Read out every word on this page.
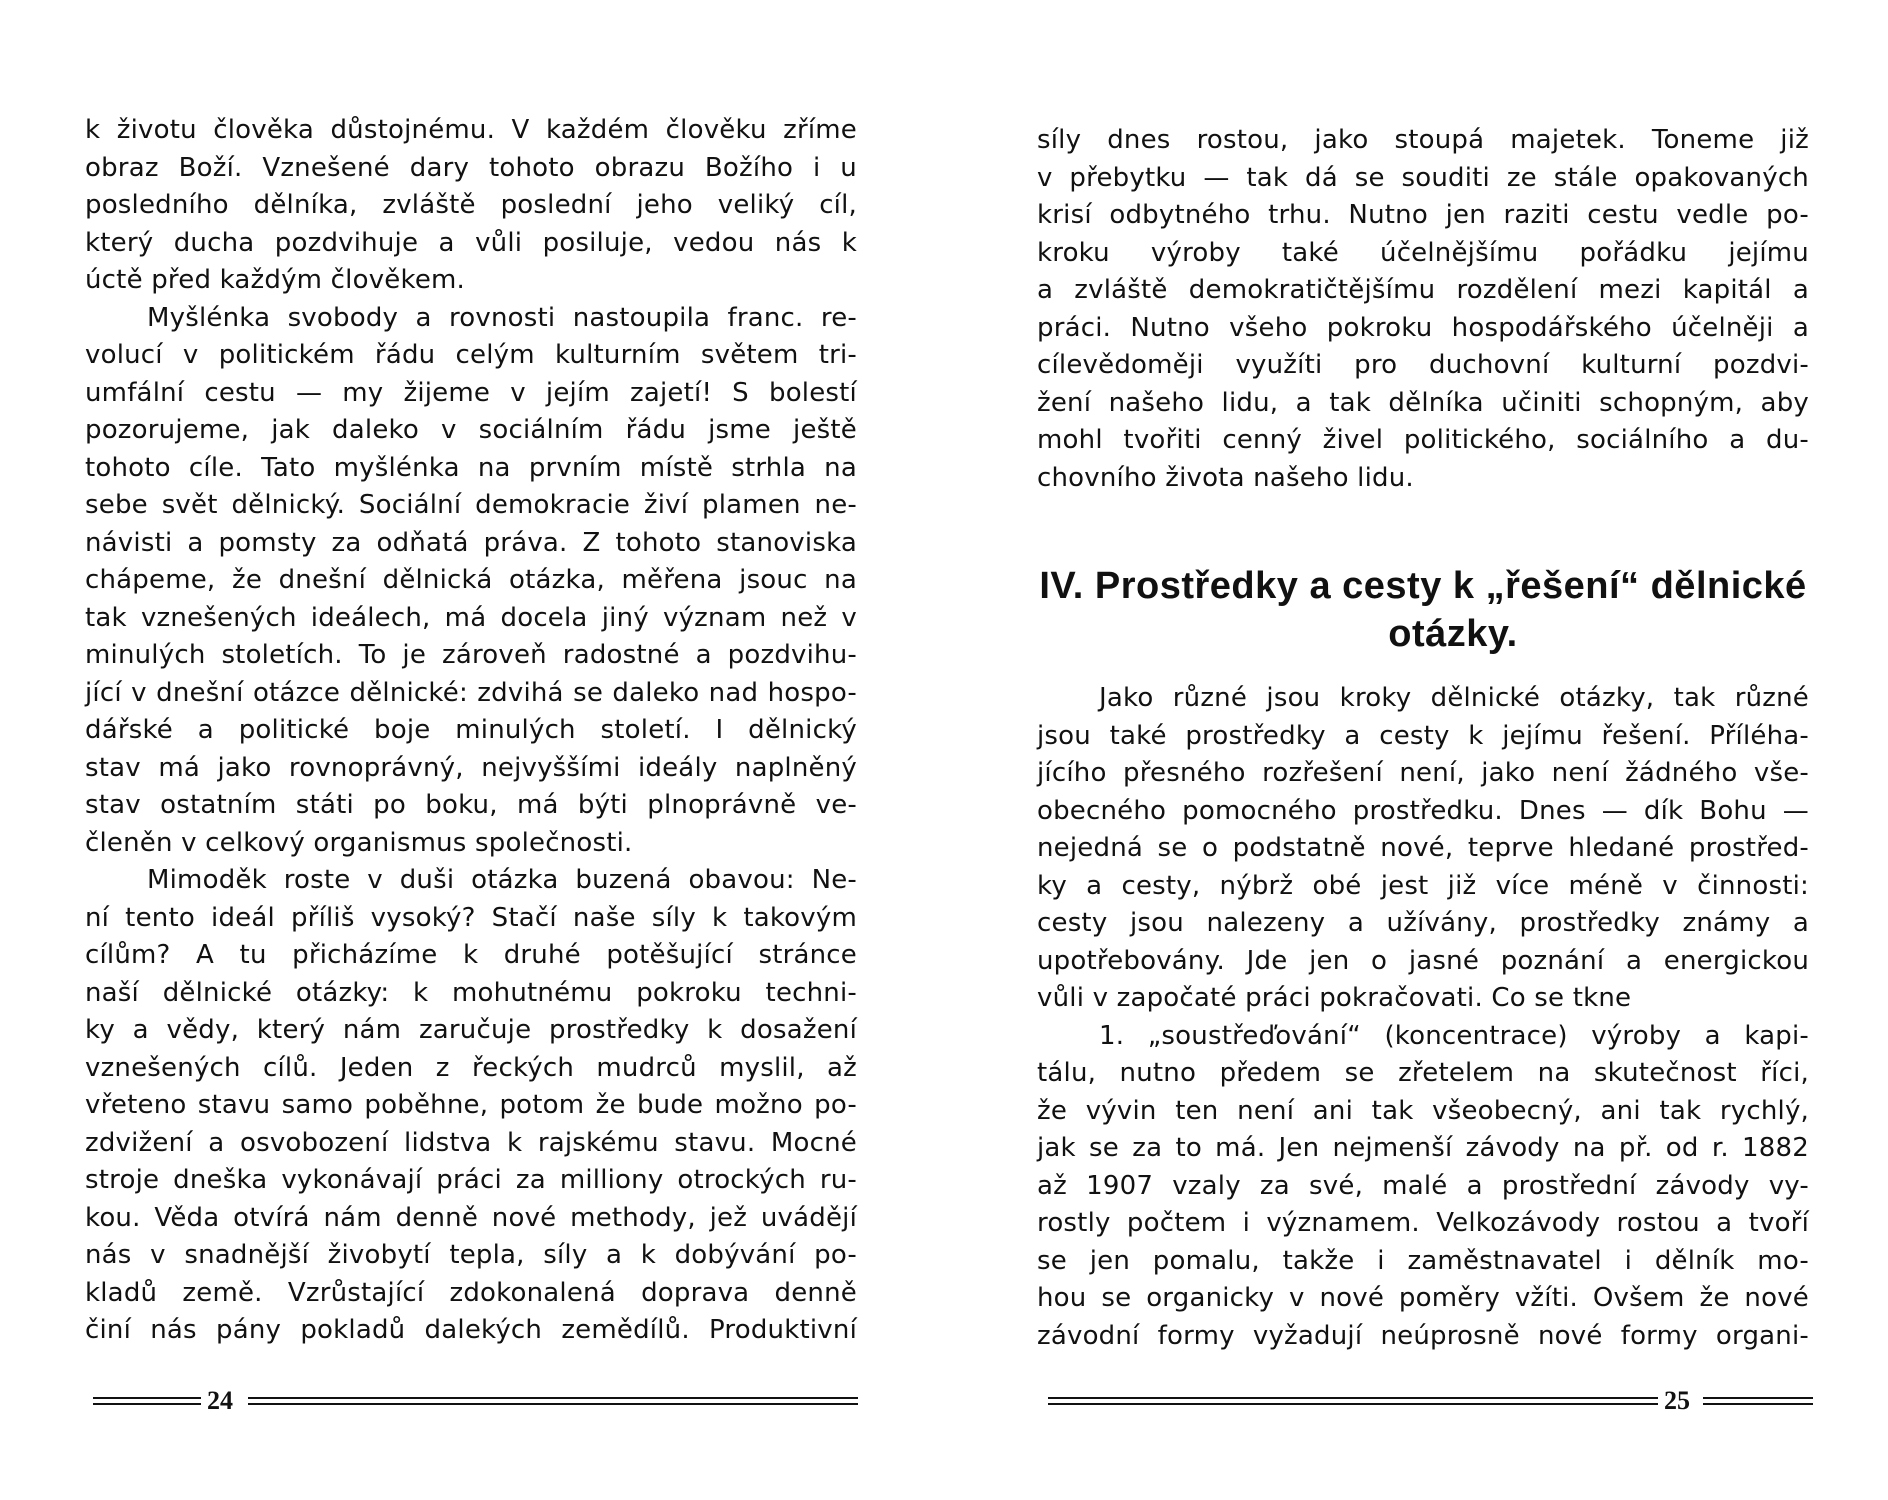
k životu člověka důstojnému. V každém člověku zříme
obraz Boží. Vznešené dary tohoto obrazu Božího i u
posledního dělníka, zvláště poslední jeho veliký cíl,
který ducha pozdvihuje a vůli posiluje, vedou nás k
úctě před každým člověkem.
Myšlénka svobody a rovnosti nastoupila franc. re-
volucí v politickém řádu celým kulturním světem tri-
umfální cestu — my žijeme v jejím zajetí! S bolestí
pozorujeme, jak daleko v sociálním řádu jsme ještě
tohoto cíle. Tato myšlénka na prvním místě strhla na
sebe svět dělnický. Sociální demokracie živí plamen ne-
návisti a pomsty za odňatá práva. Z tohoto stanoviska
chápeme, že dnešní dělnická otázka, měřena jsouc na
tak vznešených ideálech, má docela jiný význam než v
minulých stoletích. To je zároveň radostné a pozdvihu-
jící v dnešní otázce dělnické: zdvihá se daleko nad hospo-
dářské a politické boje minulých století. I dělnický
stav má jako rovnoprávný, nejvyššími ideály naplněný
stav ostatním státi po boku, má býti plnoprávně ve-
členěn v celkový organismus společnosti.
Mimoděk roste v duši otázka buzená obavou: Ne-
ní tento ideál příliš vysoký? Stačí naše síly k takovým
cílům? A tu přicházíme k druhé potěšující stránce
naší dělnické otázky: k mohutnému pokroku techni-
ky a vědy, který nám zaručuje prostředky k dosažení
vznešených cílů. Jeden z řeckých mudrců myslil, až
vřeteno stavu samo poběhne, potom že bude možno po-
zdvižení a osvobození lidstva k rajskému stavu. Mocné
stroje dneška vykonávají práci za milliony otrockých ru-
kou. Věda otvírá nám denně nové methody, jež uvádějí
nás v snadnější živobytí tepla, síly a k dobývání po-
kladů země. Vzrůstající zdokonalená doprava denně
činí nás pány pokladů dalekých zemědílů. Produktivní
24
síly dnes rostou, jako stoupá majetek. Toneme již
v přebytku — tak dá se souditi ze stále opakovaných
krisí odbytného trhu. Nutno jen raziti cestu vedle po-
kroku výroby také účelnějšímu pořádku jejímu
a zvláště demokratičtějšímu rozdělení mezi kapitál a
práci. Nutno všeho pokroku hospodářského účelněji a
cílevědoměji využíti pro duchovní kulturní pozdvi-
žení našeho lidu, a tak dělníka učiniti schopným, aby
mohl tvořiti cenný živel politického, sociálního a du-
chovního života našeho lidu.
IV. Prostředky a cesty k „řešení“ dělnické
otázky.
Jako různé jsou kroky dělnické otázky, tak různé
jsou také prostředky a cesty k jejímu řešení. Příléha-
jícího přesného rozřešení není, jako není žádného vše-
obecného pomocného prostředku. Dnes — dík Bohu —
nejedná se o podstatně nové, teprve hledané prostřed-
ky a cesty, nýbrž obé jest již více méně v činnosti:
cesty jsou nalezeny a užívány, prostředky známy a
upotřebovány. Jde jen o jasné poznání a energickou
vůli v započaté práci pokračovati. Co se tkne
1. „soustřeďování“ (koncentrace) výroby a kapi-
tálu, nutno předem se zřetelem na skutečnost říci,
že vývin ten není ani tak všeobecný, ani tak rychlý,
jak se za to má. Jen nejmenší závody na př. od r. 1882
až 1907 vzaly za své, malé a prostřední závody vy-
rostly počtem i významem. Velkozávody rostou a tvoří
se jen pomalu, takže i zaměstnavatel i dělník mo-
hou se organicky v nové poměry vžíti. Ovšem že nové
závodní formy vyžadují neúprosně nové formy organi-
25
